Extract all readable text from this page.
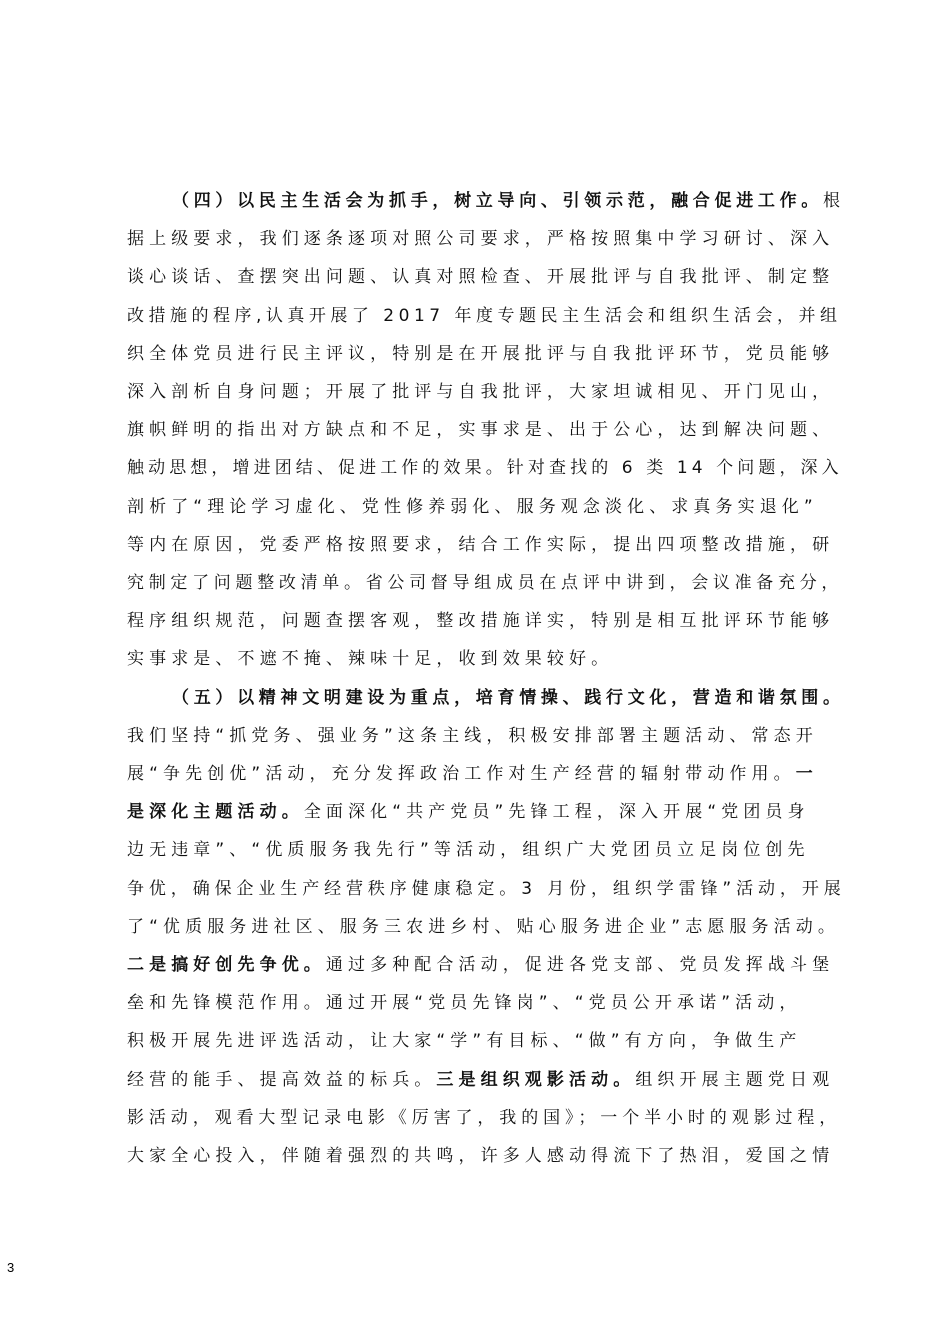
（四）以民主生活会为抓手，树立导向、引领示范，融合促进工作。根
据上级要求，我们逐条逐项对照公司要求，严格按照集中学习研讨、深入
谈心谈话、查摆突出问题、认真对照检查、开展批评与自我批评、制定整
改措施的程序,认真开展了 2017 年度专题民主生活会和组织生活会，并组
织全体党员进行民主评议，特别是在开展批评与自我批评环节，党员能够
深入剖析自身问题；开展了批评与自我批评，大家坦诚相见、开门见山，
旗帜鲜明的指出对方缺点和不足，实事求是、出于公心，达到解决问题、
触动思想，增进团结、促进工作的效果。针对查找的 6 类 14 个问题，深入
剖析了“理论学习虚化、党性修养弱化、服务观念淡化、求真务实退化”
等内在原因，党委严格按照要求，结合工作实际，提出四项整改措施，研
究制定了问题整改清单。省公司督导组成员在点评中讲到，会议准备充分，
程序组织规范，问题查摆客观，整改措施详实，特别是相互批评环节能够
实事求是、不遮不掩、辣味十足，收到效果较好。
（五）以精神文明建设为重点，培育情操、践行文化，营造和谐氛围。
我们坚持“抓党务、强业务”这条主线，积极安排部署主题活动、常态开
展“争先创优”活动，充分发挥政治工作对生产经营的辐射带动作用。一
是深化主题活动。全面深化“共产党员”先锋工程，深入开展“党团员身
边无违章”、“优质服务我先行”等活动，组织广大党团员立足岗位创先
争优，确保企业生产经营秩序健康稳定。3 月份，组织学雷锋”活动，开展
了“优质服务进社区、服务三农进乡村、贴心服务进企业”志愿服务活动。
二是搞好创先争优。通过多种配合活动，促进各党支部、党员发挥战斗堡
垒和先锋模范作用。通过开展“党员先锋岗”、“党员公开承诺”活动，
积极开展先进评选活动，让大家“学”有目标、“做”有方向，争做生产
经营的能手、提高效益的标兵。三是组织观影活动。组织开展主题党日观
影活动，观看大型记录电影《厉害了，我的国》；一个半小时的观影过程，
大家全心投入，伴随着强烈的共鸣，许多人感动得流下了热泪，爱国之情
3
